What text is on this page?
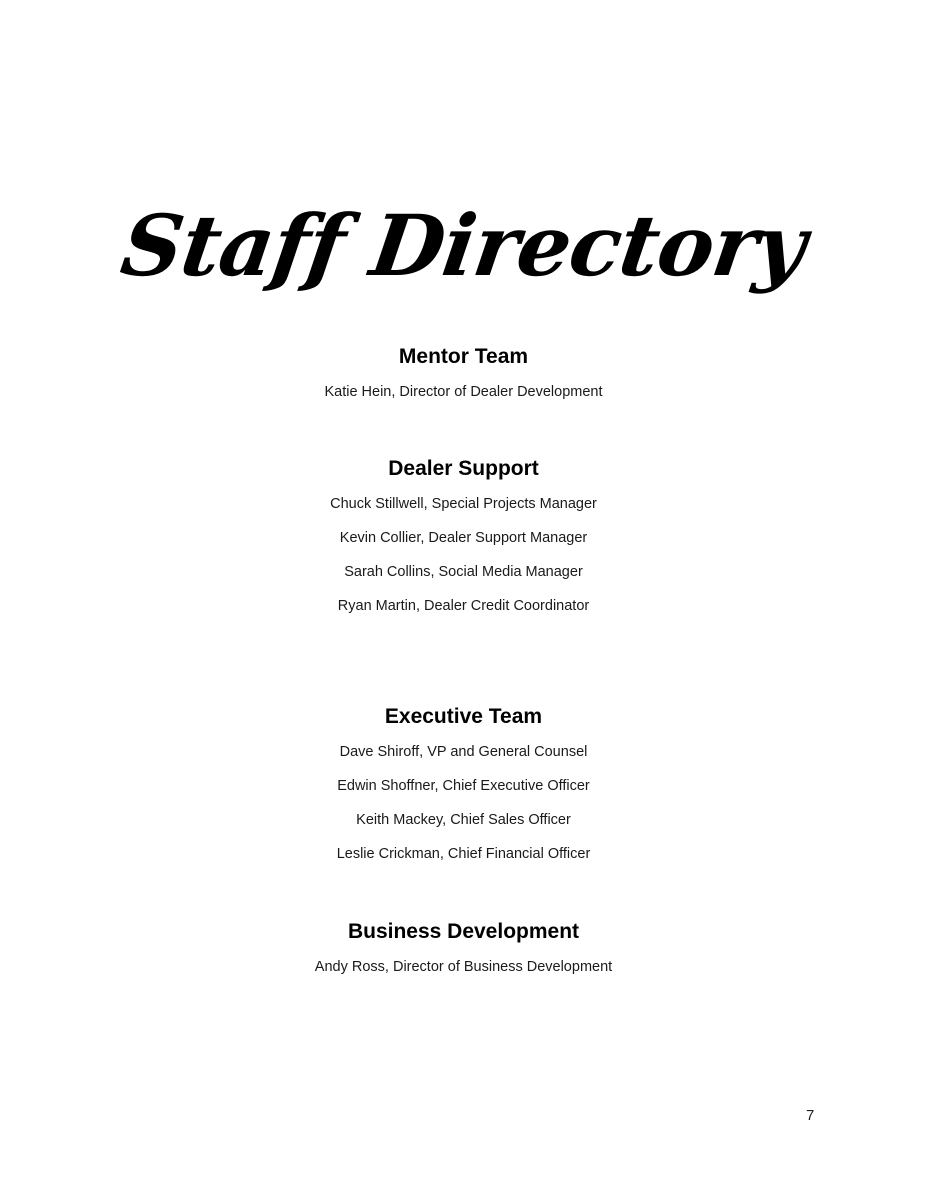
Staff Directory
Mentor Team
Katie Hein, Director of Dealer Development
Dealer Support
Chuck Stillwell, Special Projects Manager
Kevin Collier, Dealer Support Manager
Sarah Collins, Social Media Manager
Ryan Martin, Dealer Credit Coordinator
Executive Team
Dave Shiroff, VP and General Counsel
Edwin Shoffner, Chief Executive Officer
Keith Mackey, Chief Sales Officer
Leslie Crickman, Chief Financial Officer
Business Development
Andy Ross, Director of Business Development
7
